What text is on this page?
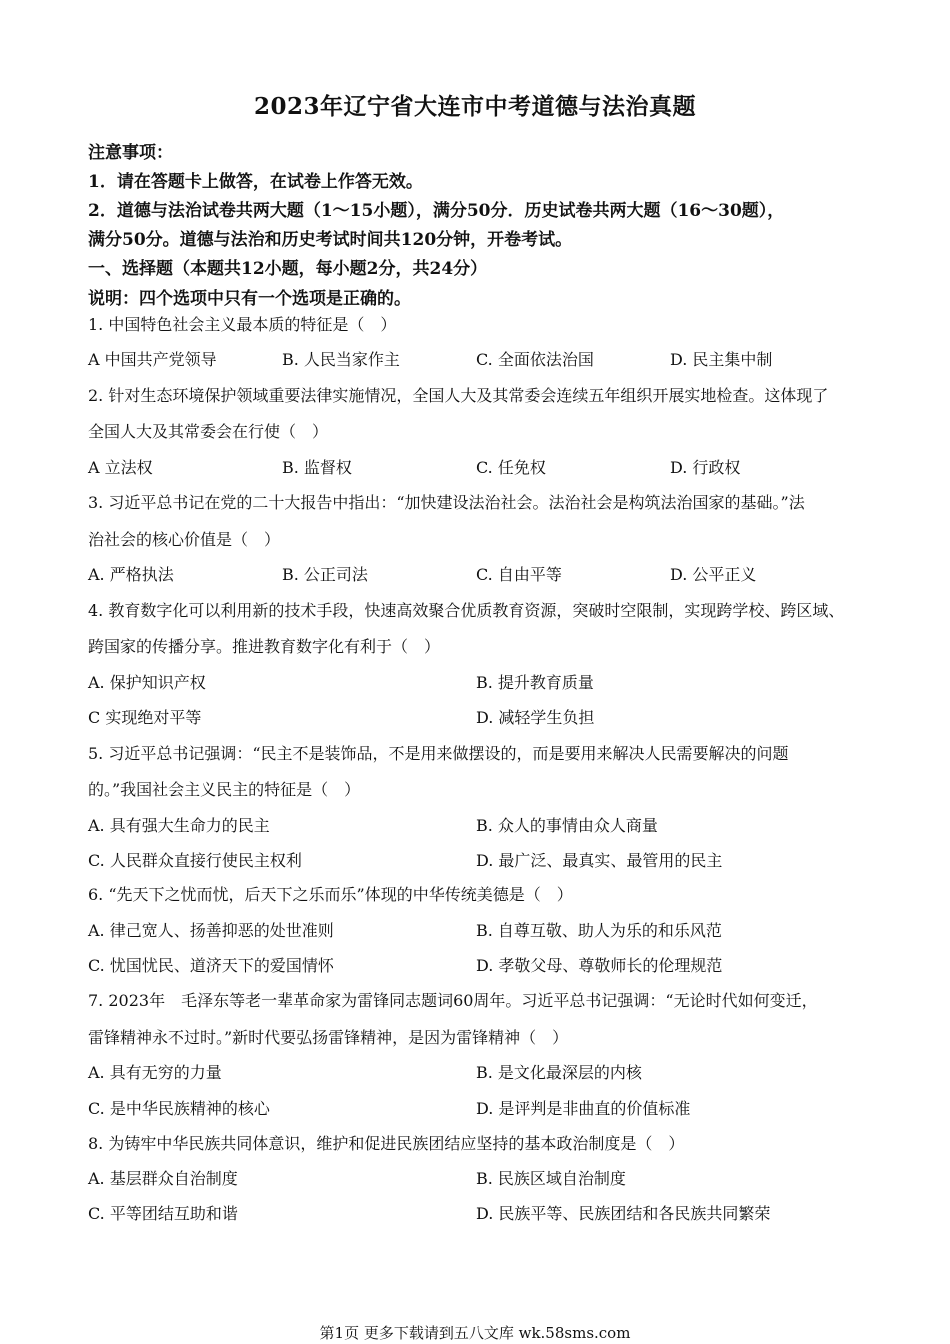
2023年辽宁省大连市中考道德与法治真题
注意事项：
1．请在答题卡上做答，在试卷上作答无效。
2．道德与法治试卷共两大题（1～15小题），满分50分．历史试卷共两大题（16～30题），
满分50分。道德与法治和历史考试时间共120分钟，开卷考试。
一、选择题（本题共12小题，每小题2分，共24分）
说明：四个选项中只有一个选项是正确的。
1. 中国特色社会主义最本质的特征是（　）
A 中国共产党领导	B. 人民当家作主	C. 全面依法治国	D. 民主集中制
2. 针对生态环境保护领域重要法律实施情况，全国人大及其常委会连续五年组织开展实地检查。这体现了
全国人大及其常委会在行使（　）
A 立法权	B. 监督权	C. 任免权	D. 行政权
3. 习近平总书记在党的二十大报告中指出：“加快建设法治社会。法治社会是构筑法治国家的基础。”法
治社会的核心价值是（　）
A. 严格执法	B. 公正司法	C. 自由平等	D. 公平正义
4. 教育数字化可以利用新的技术手段，快速高效聚合优质教育资源，突破时空限制，实现跨学校、跨区域、
跨国家的传播分享。推进教育数字化有利于（　）
A. 保护知识产权	B. 提升教育质量
C 实现绝对平等	D. 减轻学生负担
5. 习近平总书记强调：“民主不是装饰品，不是用来做摆设的，而是要用来解决人民需要解决的问题
的。”我国社会主义民主的特征是（　）
A. 具有强大生命力的民主	B. 众人的事情由众人商量
C. 人民群众直接行使民主权利	D. 最广泛、最真实、最管用的民主
6. “先天下之忧而忧，后天下之乐而乐”体现的中华传统美德是（　）
A. 律己宽人、扬善抑恶的处世准则	B. 自尊互敬、助人为乐的和乐风范
C. 忧国忧民、道济天下的爱国情怀	D. 孝敬父母、尊敬师长的伦理规范
7. 2023年　毛泽东等老一辈革命家为雷锋同志题词60周年。习近平总书记强调：“无论时代如何变迁，
雷锋精神永不过时。”新时代要弘扬雷锋精神，是因为雷锋精神（　）
A. 具有无穷的力量	B. 是文化最深层的内核
C. 是中华民族精神的核心	D. 是评判是非曲直的价值标准
8. 为铸牢中华民族共同体意识，维护和促进民族团结应坚持的基本政治制度是（　）
A. 基层群众自治制度	B. 民族区域自治制度
C. 平等团结互助和谐	D. 民族平等、民族团结和各民族共同繁荣
第1页 更多下载请到五八文库 wk.58sms.com
